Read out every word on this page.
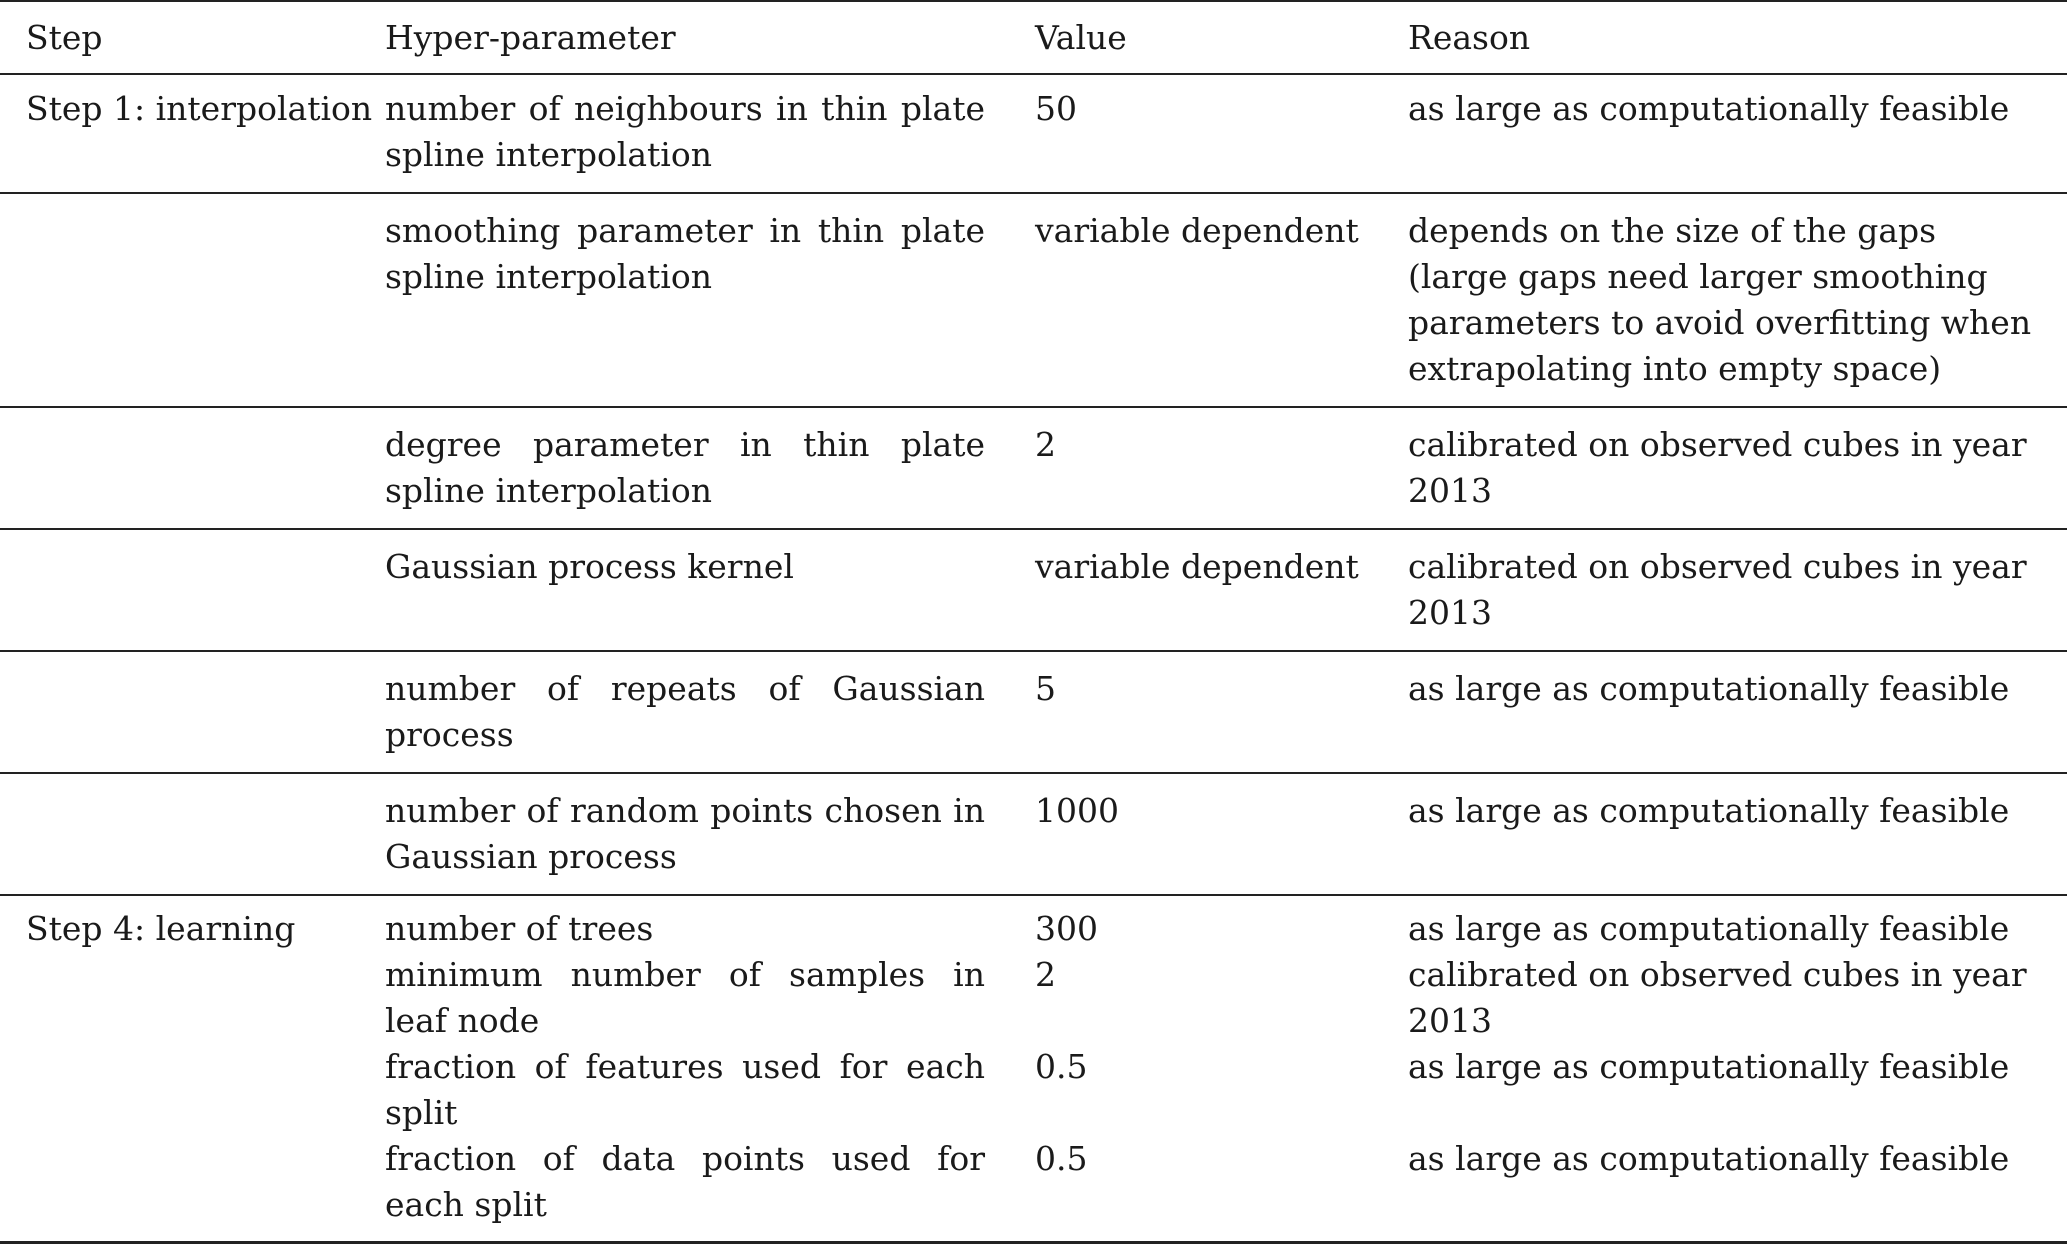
Step	Hyper-parameter	Value	Reason
Step 1: interpolation	number of neighbours in thin plate spline interpolation	50	as large as computationally feasible
	smoothing parameter in thin plate spline interpolation	variable dependent	depends on the size of the gaps (large gaps need larger smoothing parameters to avoid overfitting when extrapolating into empty space)
	degree parameter in thin plate spline interpolation	2	calibrated on observed cubes in year 2013
	Gaussian process kernel	variable dependent	calibrated on observed cubes in year 2013
	number of repeats of Gaussian process	5	as large as computationally feasible
	number of random points chosen in Gaussian process	1000	as large as computationally feasible
Step 4: learning	number of trees	300	as large as computationally feasible
	minimum number of samples in leaf node	2	calibrated on observed cubes in year 2013
	fraction of features used for each split	0.5	as large as computationally feasible
	fraction of data points used for each split	0.5	as large as computationally feasible
